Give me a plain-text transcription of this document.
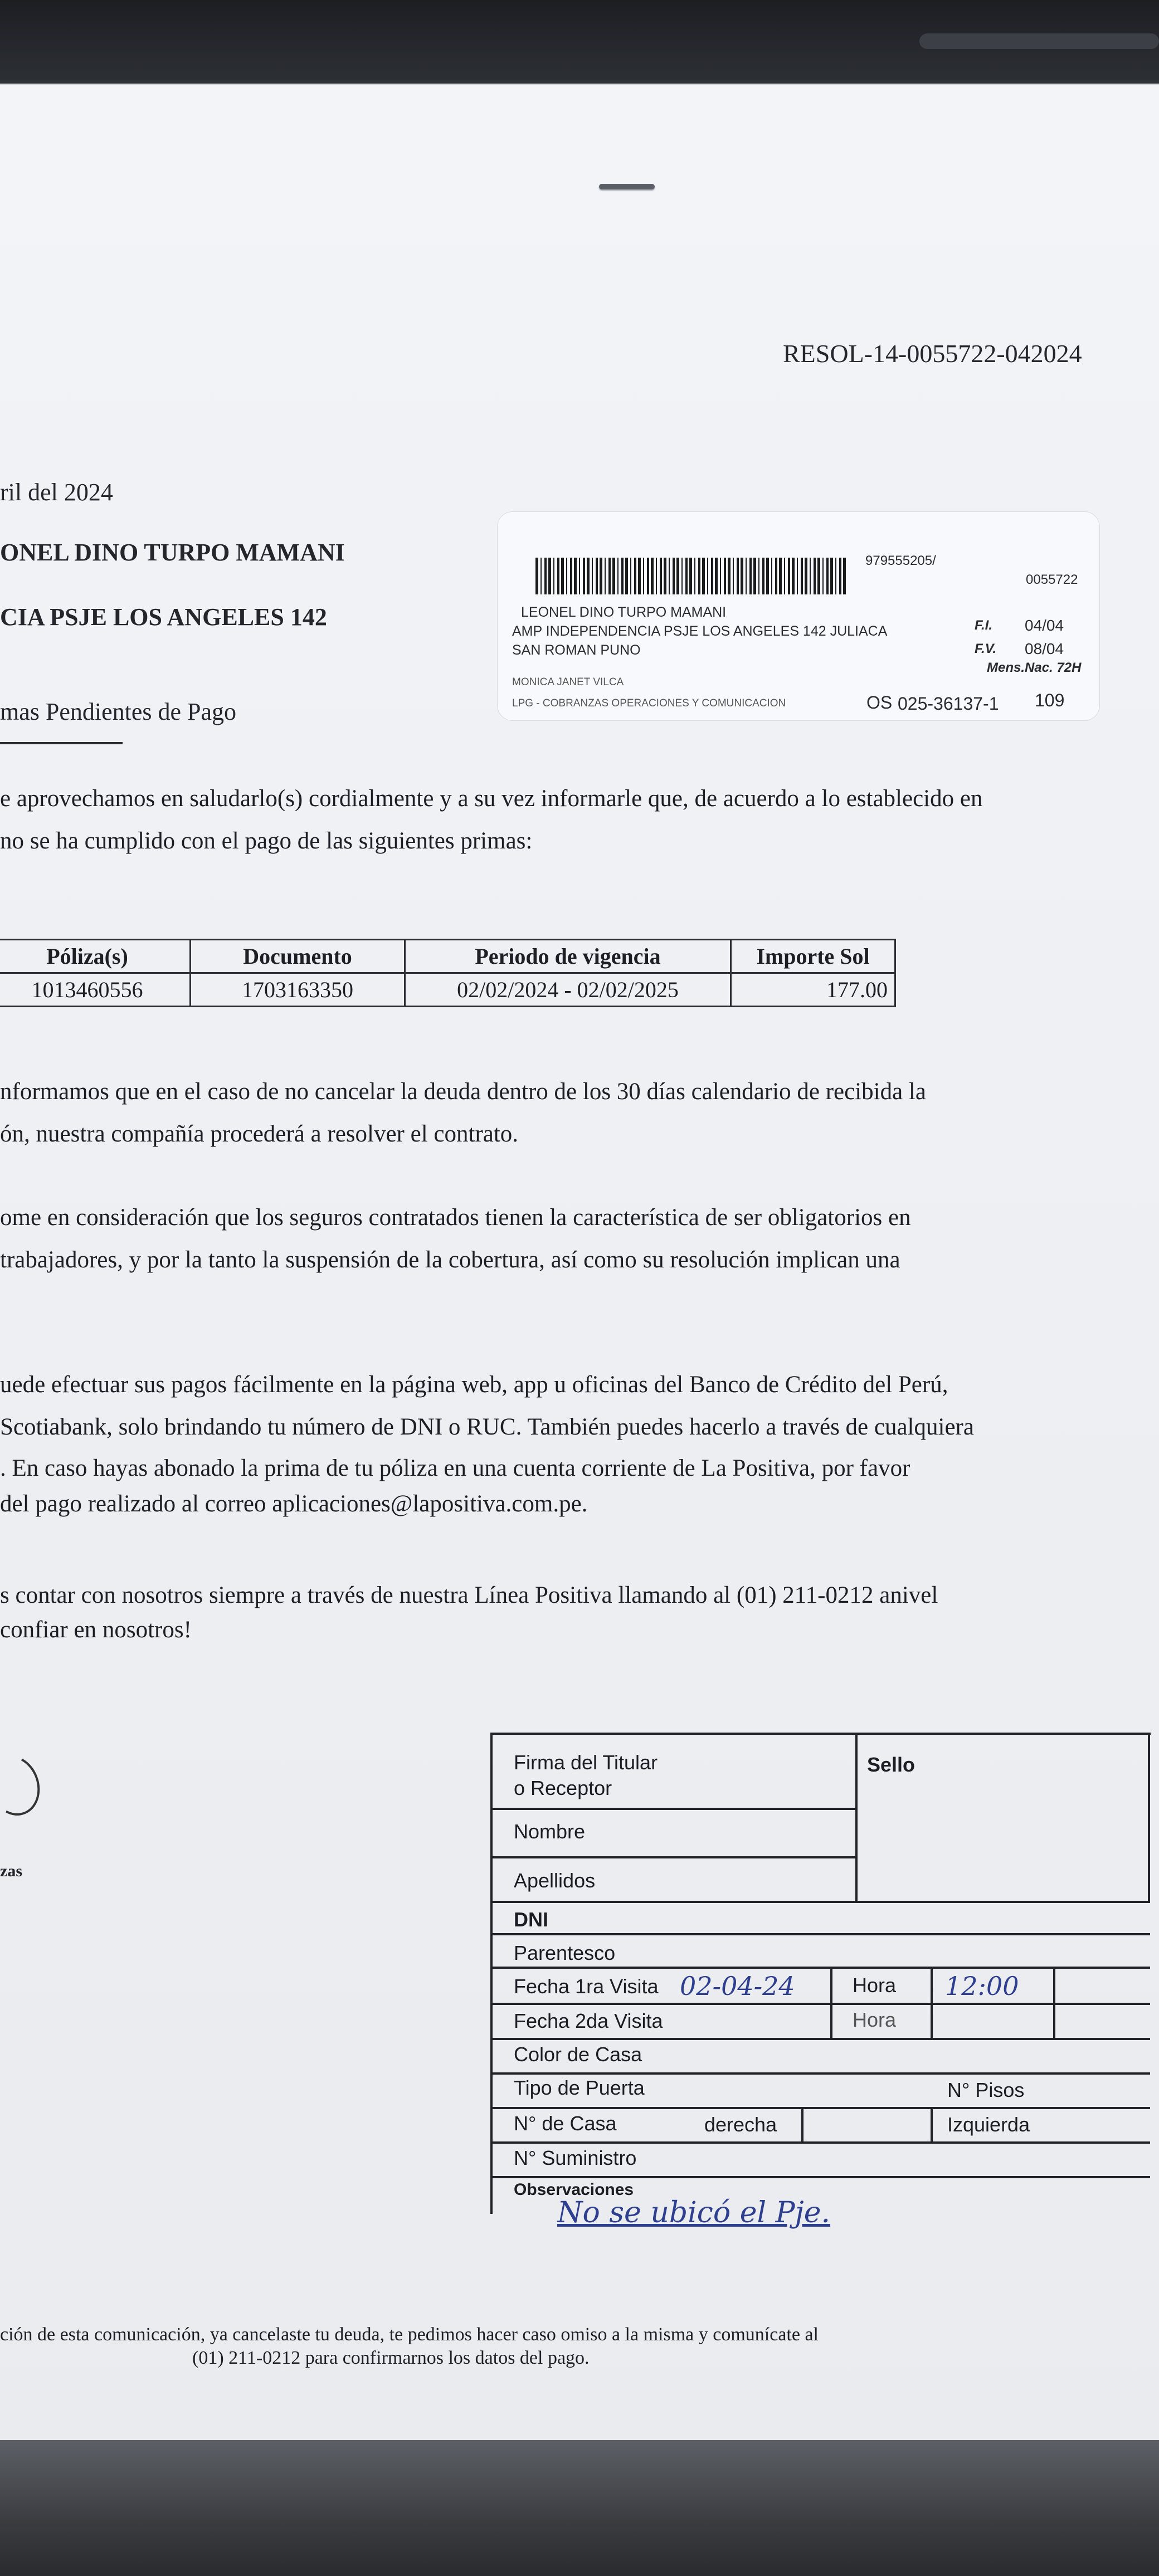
RESOL-14-0055722-042024
ril del 2024
ONEL DINO TURPO MAMANI
CIA PSJE LOS ANGELES 142
mas Pendientes de Pago
979555205/
0055722
LEONEL DINO TURPO MAMANI
AMP INDEPENDENCIA PSJE LOS ANGELES 142 JULIACA
SAN ROMAN PUNO
F.I. 04/04
F.V. 08/04
Mens.Nac. 72H
MONICA JANET VILCA
LPG - COBRANZAS OPERACIONES Y COMUNICACION	OS 025-36137-1 109
e aprovechamos en saludarlo(s) cordialmente y a su vez informarle que, de acuerdo a lo establecido en
no se ha cumplido con el pago de las siguientes primas:
Póliza(s)	Documento	Periodo de vigencia	Importe Sol
1013460556	1703163350	02/02/2024 - 02/02/2025	177.00
nformamos que en el caso de no cancelar la deuda dentro de los 30 días calendario de recibida la
ón, nuestra compañía procederá a resolver el contrato.
ome en consideración que los seguros contratados tienen la característica de ser obligatorios en
trabajadores, y por la tanto la suspensión de la cobertura, así como su resolución implican una
uede efectuar sus pagos fácilmente en la página web, app u oficinas del Banco de Crédito del Perú,
Scotiabank, solo brindando tu número de DNI o RUC. También puedes hacerlo a través de cualquiera
. En caso hayas abonado la prima de tu póliza en una cuenta corriente de La Positiva, por favor
del pago realizado al correo aplicaciones@lapositiva.com.pe.
s contar con nosotros siempre a través de nuestra Línea Positiva llamando al (01) 211-0212 anivel
confiar en nosotros!
zas
Firma del Titular
o Receptor
Sello
Nombre
Apellidos
DNI
Parentesco
Fecha 1ra Visita 02-04-24	Hora 12:00
Fecha 2da Visita	Hora
Color de Casa
Tipo de Puerta	N° Pisos
N° de Casa	derecha	Izquierda
N° Suministro
Observaciones
No se ubicó el Pje.
ción de esta comunicación, ya cancelaste tu deuda, te pedimos hacer caso omiso a la misma y comunícate al
(01) 211-0212 para confirmarnos los datos del pago.
